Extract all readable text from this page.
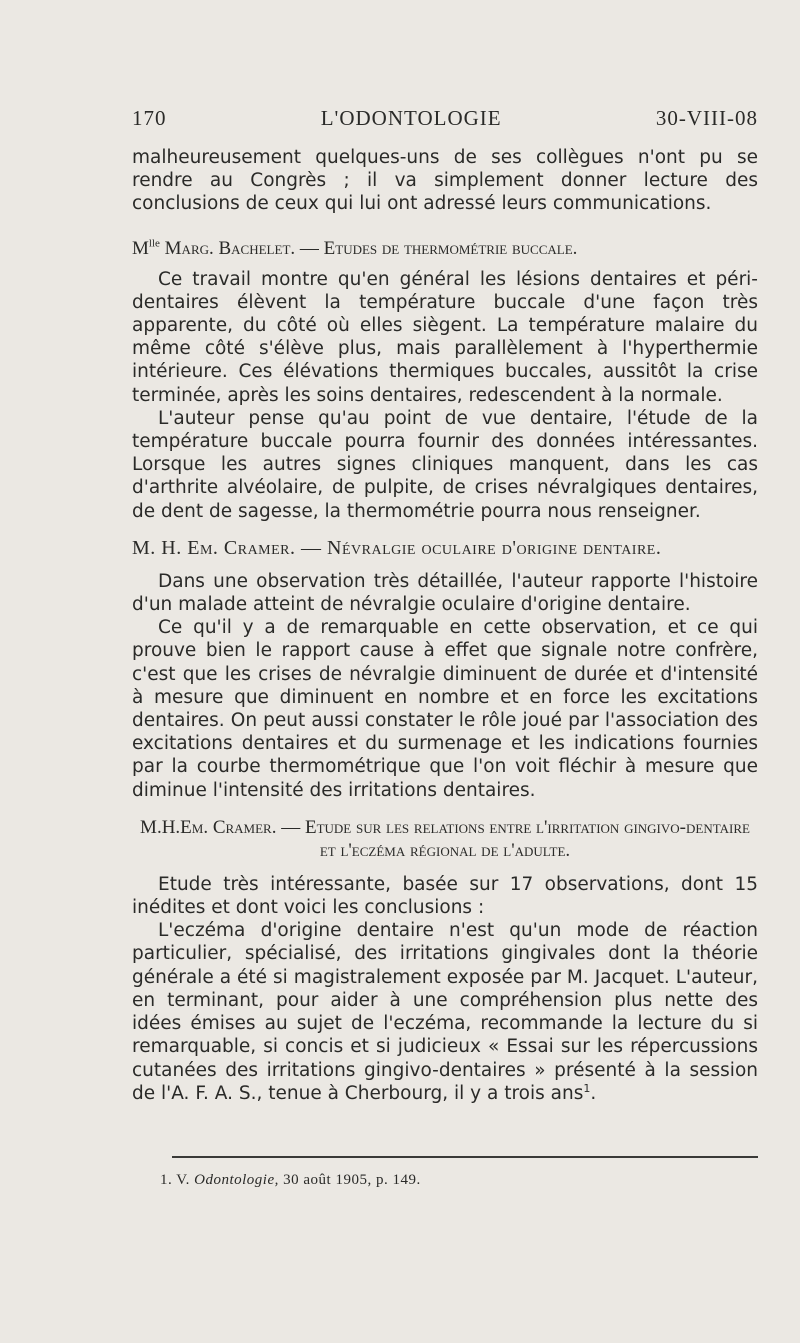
170	L'ODONTOLOGIE	30-VIII-08

malheureusement quelques-uns de ses collègues n'ont pu se rendre au Congrès ; il va simplement donner lecture des conclusions de ceux qui lui ont adressé leurs communications.

$M^{lle}$ Marg. Bachelet. — Etudes de thermométrie buccale.

Ce travail montre qu'en général les lésions dentaires et péri-dentaires élèvent la température buccale d'une façon très apparente, du côté où elles siègent. La température malaire du même côté s'élève plus, mais parallèlement à l'hyperthermie intérieure. Ces élévations thermiques buccales, aussitôt la crise terminée, après les soins dentaires, redescendent à la normale.

L'auteur pense qu'au point de vue dentaire, l'étude de la température buccale pourra fournir des données intéressantes. Lorsque les autres signes cliniques manquent, dans les cas d'arthrite alvéolaire, de pulpite, de crises névralgiques dentaires, de dent de sagesse, la thermométrie pourra nous renseigner.

M. H. Em. Cramer. — Névralgie oculaire d'origine dentaire.

Dans une observation très détaillée, l'auteur rapporte l'histoire d'un malade atteint de névralgie oculaire d'origine dentaire.

Ce qu'il y a de remarquable en cette observation, et ce qui prouve bien le rapport cause à effet que signale notre confrère, c'est que les crises de névralgie diminuent de durée et d'intensité à mesure que diminuent en nombre et en force les excitations dentaires. On peut aussi constater le rôle joué par l'association des excitations dentaires et du surmenage et les indications fournies par la courbe thermométrique que l'on voit fléchir à mesure que diminue l'intensité des irritations dentaires.

M.H.Em. Cramer. — Etude sur les relations entre l'irritation gingivo-dentaire et l'eczéma régional de l'adulte.

Etude très intéressante, basée sur 17 observations, dont 15 inédites et dont voici les conclusions :

L'eczéma d'origine dentaire n'est qu'un mode de réaction particulier, spécialisé, des irritations gingivales dont la théorie générale a été si magistralement exposée par M. Jacquet. L'auteur, en terminant, pour aider à une compréhension plus nette des idées émises au sujet de l'eczéma, recommande la lecture du si remarquable, si concis et si judicieux « Essai sur les répercussions cutanées des irritations gingivo-dentaires » présenté à la session de l'A. F. A. S., tenue à Cherbourg, il y a trois ans$^1$.

1. V. Odontologie, 30 août 1905, p. 149.
